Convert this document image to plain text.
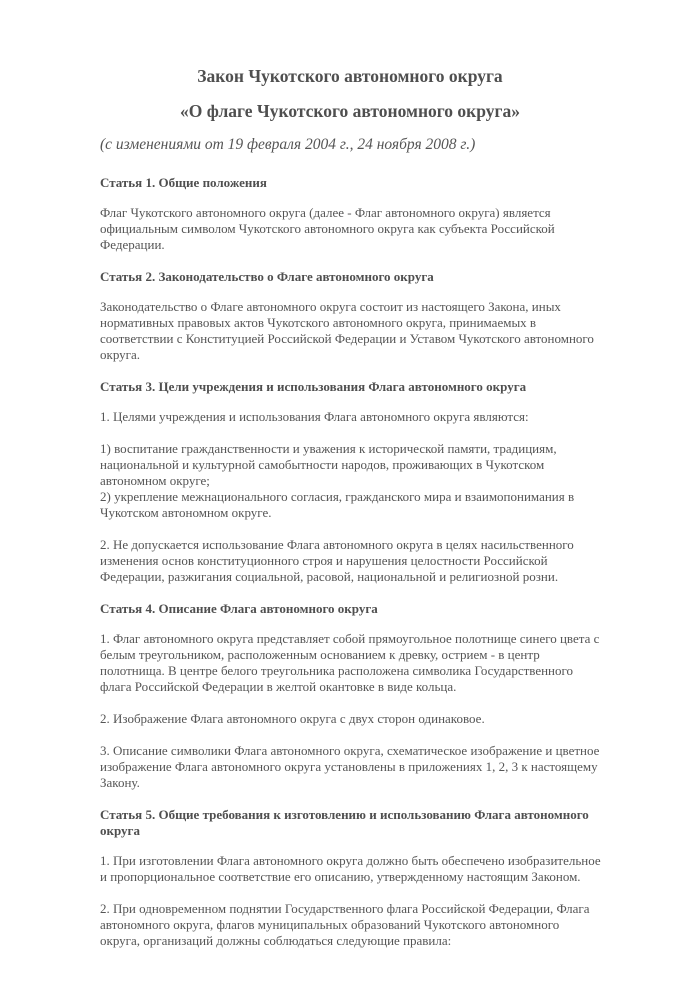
Закон Чукотского автономного округа
«О флаге Чукотского автономного округа»

(с изменениями от 19 февраля 2004 г., 24 ноября 2008 г.)

Статья 1. Общие положения
Флаг Чукотского автономного округа (далее - Флаг автономного округа) является
официальным символом Чукотского автономного округа как субъекта Российской
Федерации.
Статья 2. Законодательство о Флаге автономного округа
Законодательство о Флаге автономного округа состоит из настоящего Закона, иных
нормативных правовых актов Чукотского автономного округа, принимаемых в
соответствии с Конституцией Российской Федерации и Уставом Чукотского автономного
округа.
Статья 3. Цели учреждения и использования Флага автономного округа
1. Целями учреждения и использования Флага автономного округа являются:
1) воспитание гражданственности и уважения к исторической памяти, традициям,
национальной и культурной самобытности народов, проживающих в Чукотском
автономном округе;
2) укрепление межнационального согласия, гражданского мира и взаимопонимания в
Чукотском автономном округе.
2. Не допускается использование Флага автономного округа в целях насильственного
изменения основ конституционного строя и нарушения целостности Российской
Федерации, разжигания социальной, расовой, национальной и религиозной розни.
Статья 4. Описание Флага автономного округа
1. Флаг автономного округа представляет собой прямоугольное полотнище синего цвета с
белым треугольником, расположенным основанием к древку, острием - в центр
полотнища. В центре белого треугольника расположена символика Государственного
флага Российской Федерации в желтой окантовке в виде кольца.
2. Изображение Флага автономного округа с двух сторон одинаковое.
3. Описание символики Флага автономного округа, схематическое изображение и цветное
изображение Флага автономного округа установлены в приложениях 1, 2, 3 к настоящему
Закону.
Статья 5. Общие требования к изготовлению и использованию Флага автономного
округа
1. При изготовлении Флага автономного округа должно быть обеспечено изобразительное
и пропорциональное соответствие его описанию, утвержденному настоящим Законом.
2. При одновременном поднятии Государственного флага Российской Федерации, Флага
автономного округа, флагов муниципальных образований Чукотского автономного
округа, организаций должны соблюдаться следующие правила:
